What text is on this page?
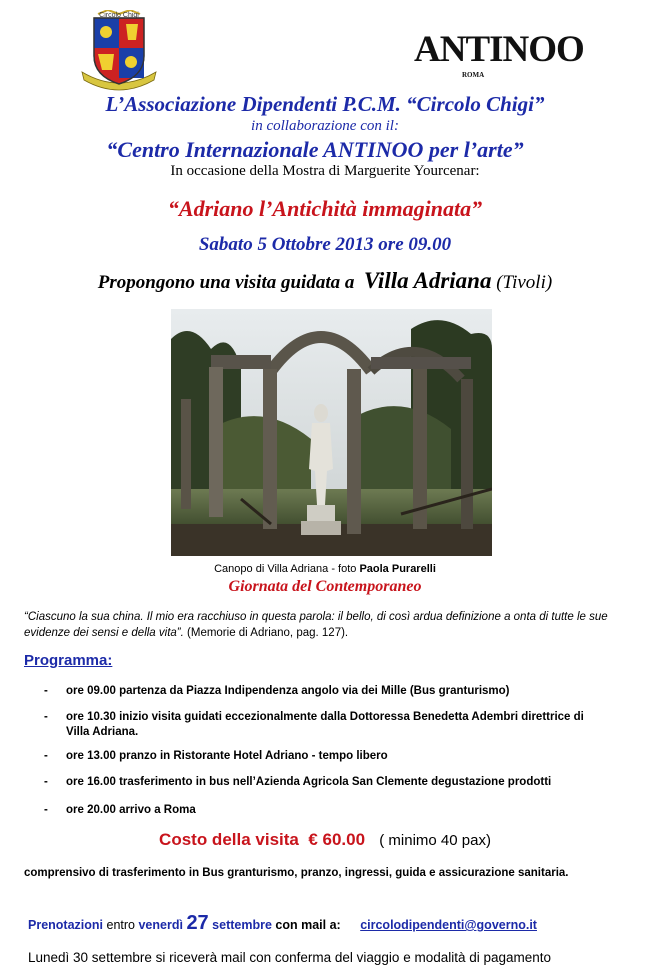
Circolo Chigi
ANTINOO
ROMA
L’Associazione Dipendenti P.C.M. “Circolo Chigi”
in collaborazione con il:
“Centro Internazionale ANTINOO per l’arte”
In occasione della Mostra di Marguerite Yourcenar:
“Adriano l’Antichità immaginata”
Sabato 5 Ottobre 2013 ore 09.00
Propongono una visita guidata a Villa Adriana (Tivoli)
Canopo di Villa Adriana - foto Paola Purarelli
Giornata del Contemporaneo
“Ciascuno la sua china. Il mio era racchiuso in questa parola: il bello, di così ardua definizione a onta di tutte le sue evidenze dei sensi e della vita”. (Memorie di Adriano, pag. 127).
Programma:
- ore 09.00 partenza da Piazza Indipendenza angolo via dei Mille (Bus granturismo)
- ore 10.30 inizio visita guidati eccezionalmente dalla Dottoressa Benedetta Adembri direttrice di Villa Adriana.
- ore 13.00 pranzo in Ristorante Hotel Adriano - tempo libero
- ore 16.00 trasferimento in bus nell’Azienda Agricola San Clemente degustazione prodotti
- ore 20.00 arrivo a Roma
Costo della visita € 60.00 ( minimo 40 pax)
comprensivo di trasferimento in Bus granturismo, pranzo, ingressi, guida e assicurazione sanitaria.
Prenotazioni entro venerdì 27 settembre con mail a: circolodipendenti@governo.it
Lunedì 30 settembre si riceverà mail con conferma del viaggio e modalità di pagamento
